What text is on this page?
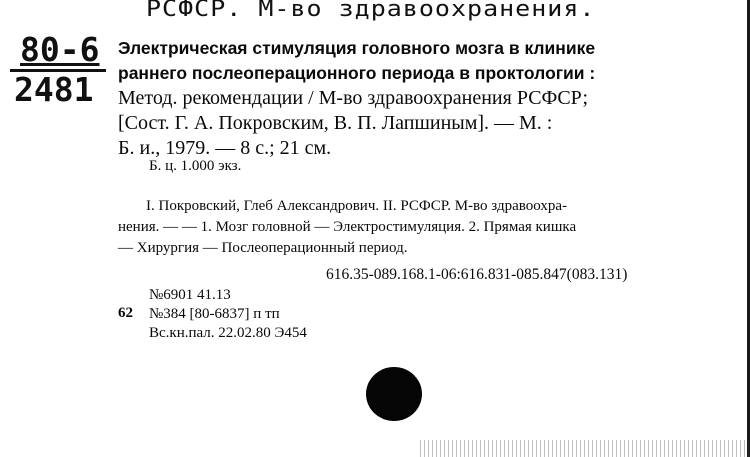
РСФСР. М-во здравоохранения.
80-6
2481
Электрическая стимуляция головного мозга в клинике
раннего послеоперационного периода в проктологии :
Метод. рекомендации / М-во здравоохранения РСФСР;
[Сост. Г. А. Покровским, В. П. Лапшиным]. — М. :
Б. и., 1979. — 8 с.; 21 см.
Б. ц. 1.000 экз.
I. Покровский, Глеб Александрович. II. РСФСР. М-во здравоохра-
нения. — — 1. Мозг головной — Электростимуляция. 2. Прямая кишка
— Хирургия — Послеоперационный период.
616.35-089.168.1-06:616.831-085.847(083.131)
62
№6901 41.13
№384 [80-6837] п тп
Вс.кн.пал. 22.02.80 Э454
